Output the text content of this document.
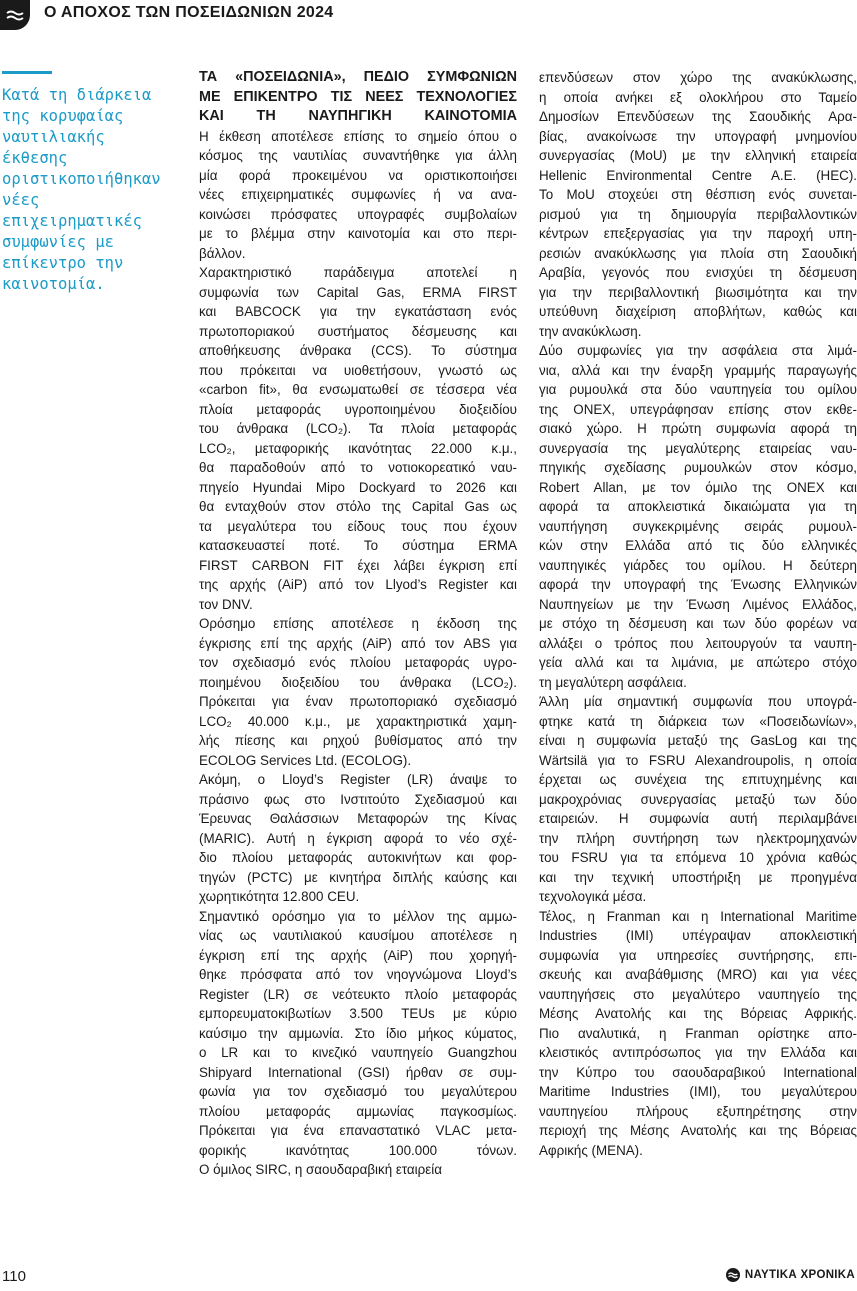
Ο ΑΠΟΧΟΣ ΤΩΝ ΠΟΣΕΙΔΩΝΙΩΝ 2024
Κατά τη διάρκεια
της κορυφαίας
ναυτιλιακής
έκθεσης
οριστικοποιήθηκαν
νέες
επιχειρηματικές
συμφωνίες με
επίκεντρο την
καινοτομία.
ΤΑ «ΠΟΣΕΙΔΩΝΙΑ», ΠΕΔΙΟ ΣΥΜΦΩΝΙΩΝ
ΜΕ ΕΠΙΚΕΝΤΡΟ ΤΙΣ ΝΕΕΣ ΤΕΧΝΟΛΟΓΙΕΣ
ΚΑΙ ΤΗ ΝΑΥΠΗΓΙΚΗ ΚΑΙΝΟΤΟΜΙΑ
Η έκθεση αποτέλεσε επίσης το σημείο όπου ο
κόσμος της ναυτιλίας συναντήθηκε για άλλη
μία φορά προκειμένου να οριστικοποιήσει
νέες επιχειρηματικές συμφωνίες ή να ανα-
κοινώσει πρόσφατες υπογραφές συμβολαίων
με το βλέμμα στην καινοτομία και στο περι-
βάλλον.
Χαρακτηριστικό παράδειγμα αποτελεί η
συμφωνία των Capital Gas, ERMA FIRST
και BABCOCK για την εγκατάσταση ενός
πρωτοποριακού συστήματος δέσμευσης και
αποθήκευσης άνθρακα (CCS). Το σύστημα
που πρόκειται να υιοθετήσουν, γνωστό ως
«carbon fit», θα ενσωματωθεί σε τέσσερα νέα
πλοία μεταφοράς υγροποιημένου διοξειδίου
του άνθρακα (LCO₂). Τα πλοία μεταφοράς
LCO₂, μεταφορικής ικανότητας 22.000 κ.μ.,
θα παραδοθούν από το νοτιοκορεατικό ναυ-
πηγείο Hyundai Mipo Dockyard το 2026 και
θα ενταχθούν στον στόλο της Capital Gas ως
τα μεγαλύτερα του είδους τους που έχουν
κατασκευαστεί ποτέ. Το σύστημα ERMA
FIRST CARBON FIT έχει λάβει έγκριση επί
της αρχής (AiP) από τον Llyod’s Register και
τον DNV.
Ορόσημο επίσης αποτέλεσε η έκδοση της
έγκρισης επί της αρχής (AiP) από τον ABS για
τον σχεδιασμό ενός πλοίου μεταφοράς υγρο-
ποιημένου διοξειδίου του άνθρακα (LCO₂).
Πρόκειται για έναν πρωτοποριακό σχεδιασμό
LCO₂ 40.000 κ.μ., με χαρακτηριστικά χαμη-
λής πίεσης και ρηχού βυθίσματος από την
ECOLOG Services Ltd. (ECOLOG).
Ακόμη, ο Lloyd’s Register (LR) άναψε το
πράσινο φως στο Ινστιτούτο Σχεδιασμού και
Έρευνας Θαλάσσιων Μεταφορών της Κίνας
(MARIC). Αυτή η έγκριση αφορά το νέο σχέ-
διο πλοίου μεταφοράς αυτοκινήτων και φορ-
τηγών (PCTC) με κινητήρα διπλής καύσης και
χωρητικότητα 12.800 CEU.
Σημαντικό ορόσημο για το μέλλον της αμμω-
νίας ως ναυτιλιακού καυσίμου αποτέλεσε η
έγκριση επί της αρχής (AiP) που χορηγή-
θηκε πρόσφατα από τον νηογνώμονα Lloyd’s
Register (LR) σε νεότευκτο πλοίο μεταφοράς
εμπορευματοκιβωτίων 3.500 TEUs με κύριο
καύσιμο την αμμωνία. Στο ίδιο μήκος κύματος,
ο LR και το κινεζικό ναυπηγείο Guangzhou
Shipyard International (GSI) ήρθαν σε συμ-
φωνία για τον σχεδιασμό του μεγαλύτερου
πλοίου μεταφοράς αμμωνίας παγκοσμίως.
Πρόκειται για ένα επαναστατικό VLAC μετα-
φορικής ικανότητας 100.000 τόνων.
Ο όμιλος SIRC, η σαουδαραβική εταιρεία
επενδύσεων στον χώρο της ανακύκλωσης,
η οποία ανήκει εξ ολοκλήρου στο Ταμείο
Δημοσίων Επενδύσεων της Σαουδικής Αρα-
βίας, ανακοίνωσε την υπογραφή μνημονίου
συνεργασίας (MoU) με την ελληνική εταιρεία
Hellenic Environmental Centre A.E. (HEC).
Το MoU στοχεύει στη θέσπιση ενός συνεται-
ρισμού για τη δημιουργία περιβαλλοντικών
κέντρων επεξεργασίας για την παροχή υπη-
ρεσιών ανακύκλωσης για πλοία στη Σαουδική
Αραβία, γεγονός που ενισχύει τη δέσμευση
για την περιβαλλοντική βιωσιμότητα και την
υπεύθυνη διαχείριση αποβλήτων, καθώς και
την ανακύκλωση.
Δύο συμφωνίες για την ασφάλεια στα λιμά-
νια, αλλά και την έναρξη γραμμής παραγωγής
για ρυμουλκά στα δύο ναυπηγεία του ομίλου
της ONEX, υπεγράφησαν επίσης στον εκθε-
σιακό χώρο. Η πρώτη συμφωνία αφορά τη
συνεργασία της μεγαλύτερης εταιρείας ναυ-
πηγικής σχεδίασης ρυμουλκών στον κόσμο,
Robert Allan, με τον όμιλο της ONEX και
αφορά τα αποκλειστικά δικαιώματα για τη
ναυπήγηση συγκεκριμένης σειράς ρυμουλ-
κών στην Ελλάδα από τις δύο ελληνικές
ναυπηγικές γιάρδες του ομίλου. Η δεύτερη
αφορά την υπογραφή της Ένωσης Ελληνικών
Ναυπηγείων με την Ένωση Λιμένος Ελλάδος,
με στόχο τη δέσμευση και των δύο φορέων να
αλλάξει ο τρόπος που λειτουργούν τα ναυπη-
γεία αλλά και τα λιμάνια, με απώτερο στόχο
τη μεγαλύτερη ασφάλεια.
Άλλη μία σημαντική συμφωνία που υπογρά-
φτηκε κατά τη διάρκεια των «Ποσειδωνίων»,
είναι η συμφωνία μεταξύ της GasLog και της
Wärtsilä για το FSRU Alexandroupolis, η οποία
έρχεται ως συνέχεια της επιτυχημένης και
μακροχρόνιας συνεργασίας μεταξύ των δύο
εταιρειών. Η συμφωνία αυτή περιλαμβάνει
την πλήρη συντήρηση των ηλεκτρομηχανών
του FSRU για τα επόμενα 10 χρόνια καθώς
και την τεχνική υποστήριξη με προηγμένα
τεχνολογικά μέσα.
Τέλος, η Franman και η International Maritime
Industries (IMI) υπέγραψαν αποκλειστική
συμφωνία για υπηρεσίες συντήρησης, επι-
σκευής και αναβάθμισης (MRO) και για νέες
ναυπηγήσεις στο μεγαλύτερο ναυπηγείο της
Μέσης Ανατολής και της Βόρειας Αφρικής.
Πιο αναλυτικά, η Franman ορίστηκε απο-
κλειστικός αντιπρόσωπος για την Ελλάδα και
την Κύπρο του σαουδαραβικού International
Maritime Industries (IMI), του μεγαλύτερου
ναυπηγείου πλήρους εξυπηρέτησης στην
περιοχή της Μέσης Ανατολής και της Βόρειας
Αφρικής (MENA).
110	ΝΑΥΤΙΚΑ ΧΡΟΝΙΚΑ
